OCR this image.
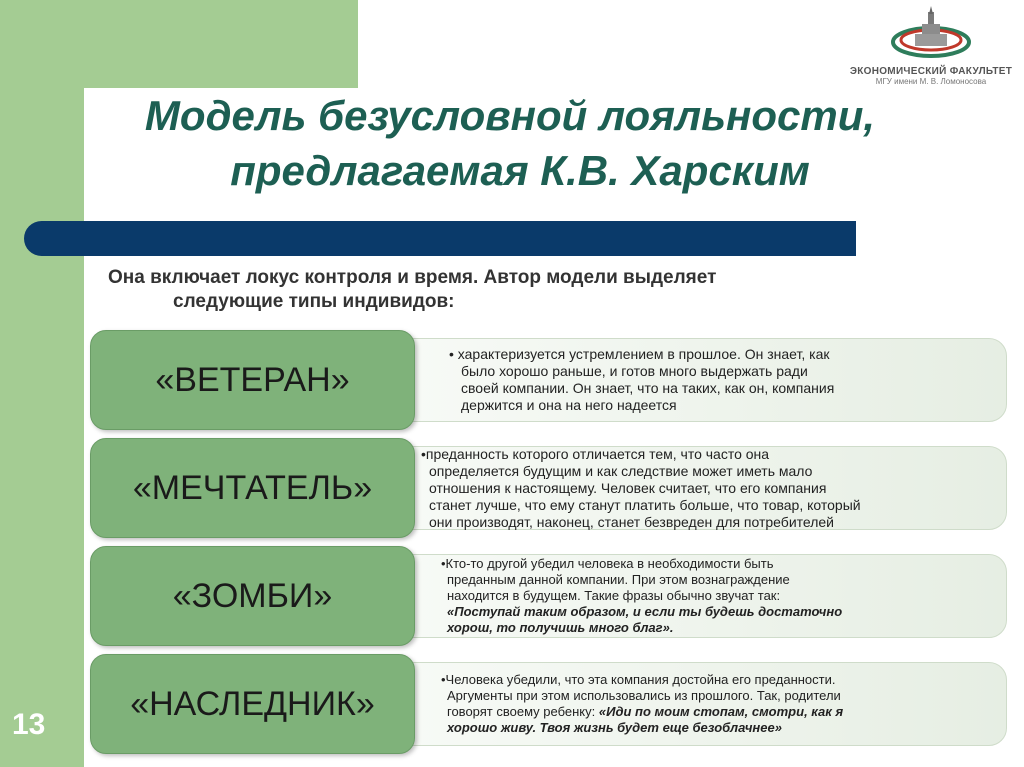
ЭКОНОМИЧЕСКИЙ ФАКУЛЬТЕТ
МГУ имени М. В. Ломоносова
Модель безусловной лояльности,
предлагаемая К.В. Харским
Она включает локус контроля и время. Автор модели выделяет
следующие типы индивидов:
«ВЕТЕРАН»
• характеризуется устремлением в прошлое. Он знает, как
было хорошо раньше, и готов много выдержать ради
своей компании. Он знает, что на таких, как он, компания
держится и она на него надеется
«МЕЧТАТЕЛЬ»
•преданность которого отличается тем, что часто она
определяется будущим и как следствие может иметь мало
отношения к настоящему. Человек считает, что его компания
станет лучше, что ему станут платить больше, что товар, который
они производят, наконец, станет безвреден для потребителей
«ЗОМБИ»
•Кто-то другой убедил человека в необходимости быть
преданным данной компании. При этом вознаграждение
находится в будущем. Такие фразы обычно звучат так:
«Поступай таким образом, и если ты будешь достаточно
хорош, то получишь много благ».
«НАСЛЕДНИК»
•Человека убедили, что эта компания достойна его преданности.
Аргументы при этом использовались из прошлого. Так, родители
говорят своему ребенку: «Иди по моим стопам, смотри, как я
хорошо живу. Твоя жизнь будет еще безоблачнее»
13
